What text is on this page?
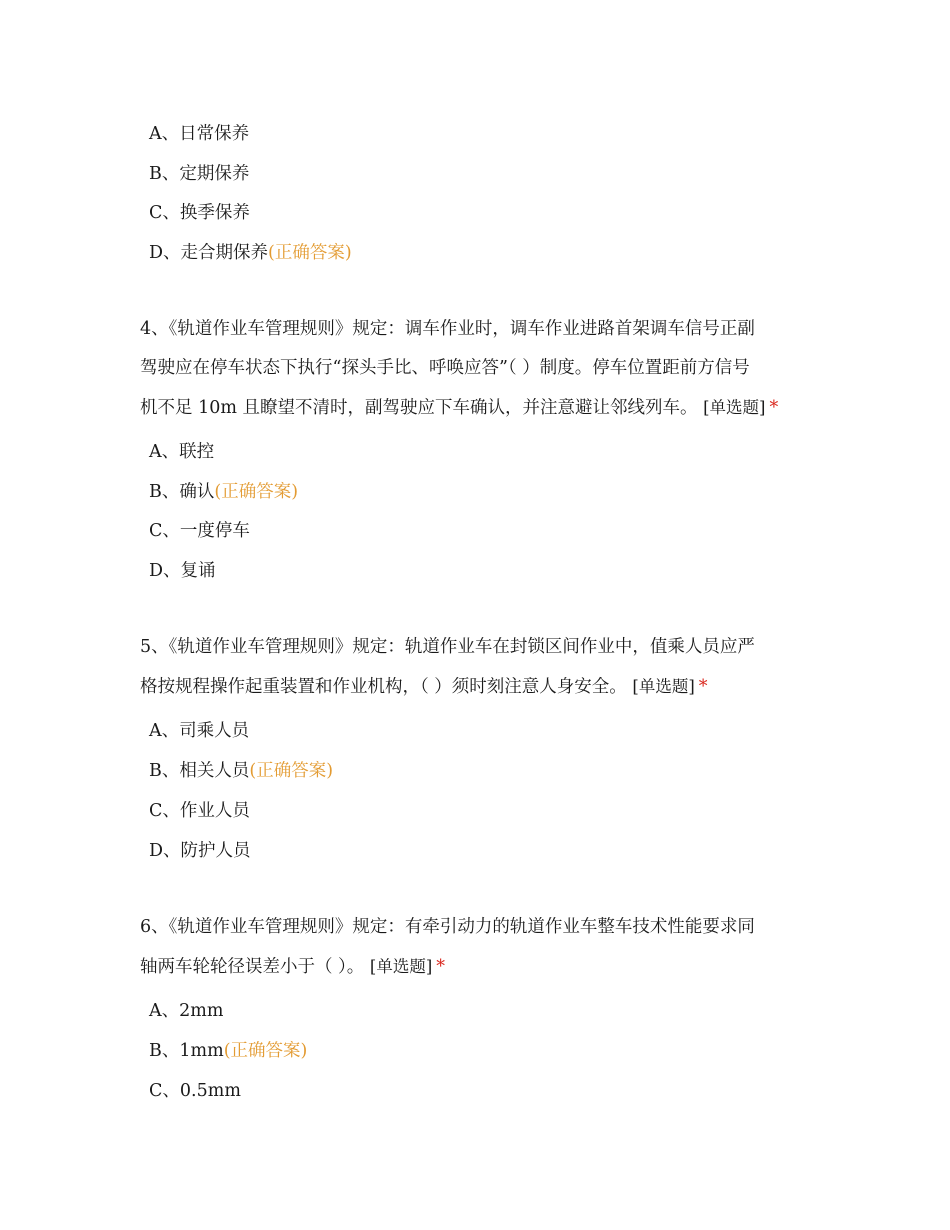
A、日常保养
B、定期保养
C、换季保养
D、走合期保养(正确答案)
4、《轨道作业车管理规则》规定：调车作业时，调车作业进路首架调车信号正副
驾驶应在停车状态下执行“探头手比、呼唤应答”（ ）制度。停车位置距前方信号
机不足 10m 且瞭望不清时，副驾驶应下车确认，并注意避让邻线列车。 [单选题] *
A、联控
B、确认(正确答案)
C、一度停车
D、复诵
5、《轨道作业车管理规则》规定：轨道作业车在封锁区间作业中，值乘人员应严
格按规程操作起重装置和作业机构，（ ）须时刻注意人身安全。 [单选题] *
A、司乘人员
B、相关人员(正确答案)
C、作业人员
D、防护人员
6、《轨道作业车管理规则》规定：有牵引动力的轨道作业车整车技术性能要求同
轴两车轮轮径误差小于（ ）。 [单选题] *
A、2mm
B、1mm(正确答案)
C、0.5mm
